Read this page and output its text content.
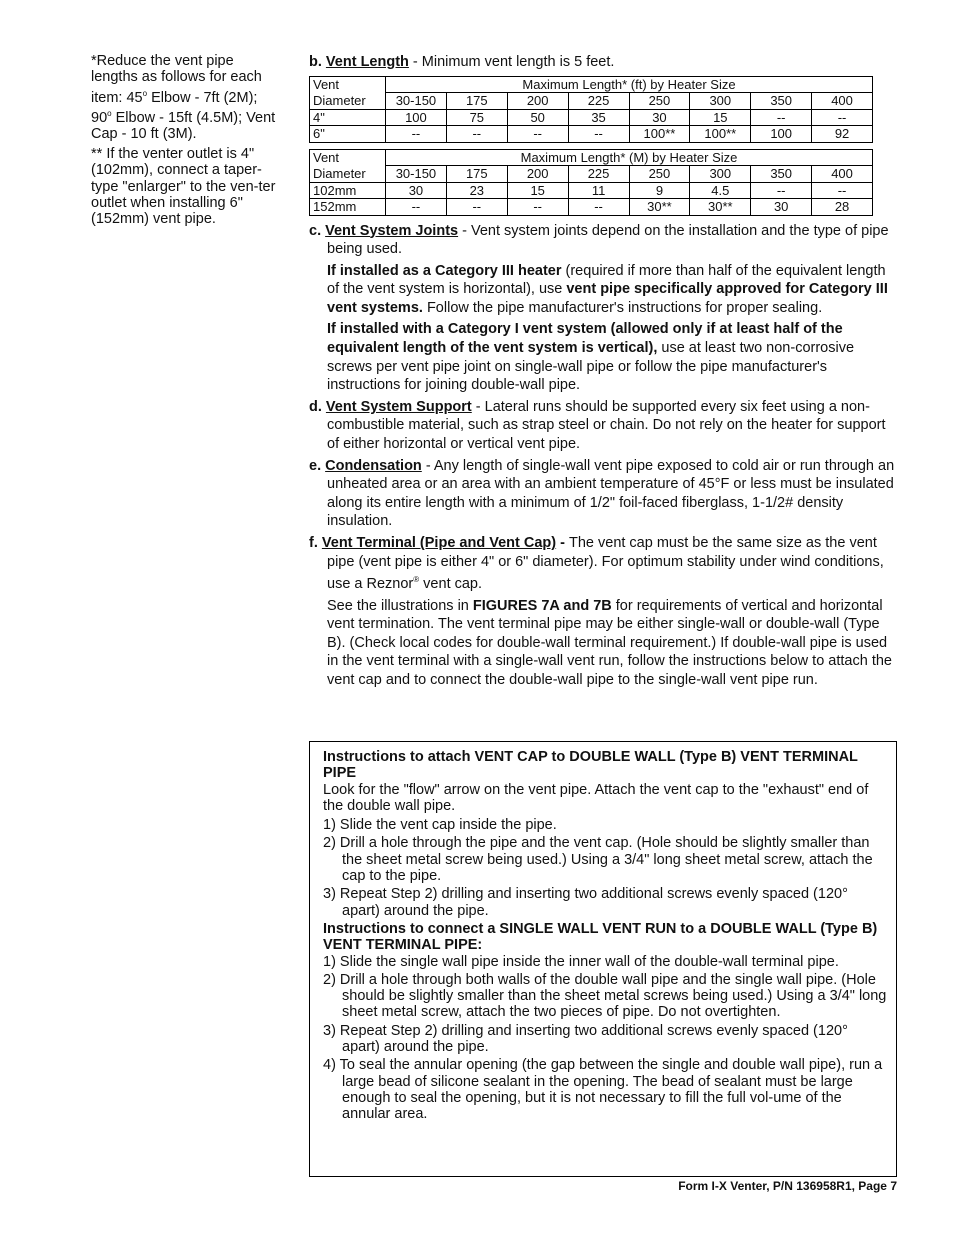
*Reduce the vent pipe lengths as follows for each item: 45$^o$ Elbow - 7ft (2M); 90$^o$ Elbow - 15ft (4.5M); Vent Cap - 10 ft (3M).

** If the venter outlet is 4" (102mm), connect a taper-type "enlarger" to the ven-ter outlet when installing 6" (152mm) vent pipe.

b. Vent Length - Minimum vent length is 5 feet.

Vent	Maximum Length* (ft) by Heater Size							
Diameter	30-150	175	200	225	250	300	350	400
4"	100	75	50	35	30	15	--	--
6"	--	--	--	--	100**	100**	100	92
Vent	Maximum Length* (M) by Heater Size							
Diameter	30-150	175	200	225	250	300	350	400
102mm	30	23	15	11	9	4.5	--	--
152mm	--	--	--	--	30**	30**	30	28

c. Vent System Joints - Vent system joints depend on the installation and the type of pipe being used.

If installed as a Category III heater (required if more than half of the equivalent length of the vent system is horizontal), use vent pipe specifically approved for Category III vent systems. Follow the pipe manufacturer's instructions for proper sealing.

If installed with a Category I vent system (allowed only if at least half of the equivalent length of the vent system is vertical), use at least two non-corrosive screws per vent pipe joint on single-wall pipe or follow the pipe manufacturer's instructions for joining double-wall pipe.

d. Vent System Support - Lateral runs should be supported every six feet using a non-combustible material, such as strap steel or chain. Do not rely on the heater for support of either horizontal or vertical vent pipe.

e. Condensation - Any length of single-wall vent pipe exposed to cold air or run through an unheated area or an area with an ambient temperature of 45°F or less must be insulated along its entire length with a minimum of 1/2" foil-faced fiberglass, 1-1/2# density insulation.

f. Vent Terminal (Pipe and Vent Cap) - The vent cap must be the same size as the vent pipe (vent pipe is either 4" or 6" diameter). For optimum stability under wind conditions, use a Reznor® vent cap.

See the illustrations in FIGURES 7A and 7B for requirements of vertical and horizontal vent termination. The vent terminal pipe may be either single-wall or double-wall (Type B). (Check local codes for double-wall terminal requirement.) If double-wall pipe is used in the vent terminal with a single-wall vent run, follow the instructions below to attach the vent cap and to connect the double-wall pipe to the single-wall vent pipe run.

Instructions to attach VENT CAP to DOUBLE WALL (Type B) VENT TERMINAL PIPE

Look for the "flow" arrow on the vent pipe. Attach the vent cap to the "exhaust" end of the double wall pipe.

1) Slide the vent cap inside the pipe.

2) Drill a hole through the pipe and the vent cap. (Hole should be slightly smaller than the sheet metal screw being used.) Using a 3/4" long sheet metal screw, attach the cap to the pipe.

3) Repeat Step 2) drilling and inserting two additional screws evenly spaced (120° apart) around the pipe.

Instructions to connect a SINGLE WALL VENT RUN to a DOUBLE WALL (Type B) VENT TERMINAL PIPE:

1) Slide the single wall pipe inside the inner wall of the double-wall terminal pipe.

2) Drill a hole through both walls of the double wall pipe and the single wall pipe. (Hole should be slightly smaller than the sheet metal screws being used.) Using a 3/4" long sheet metal screw, attach the two pieces of pipe. Do not overtighten.

3) Repeat Step 2) drilling and inserting two additional screws evenly spaced (120° apart) around the pipe.

4) To seal the annular opening (the gap between the single and double wall pipe), run a large bead of silicone sealant in the opening. The bead of sealant must be large enough to seal the opening, but it is not necessary to fill the full vol-ume of the annular area.

Form I-X Venter, P/N 136958R1, Page 7
